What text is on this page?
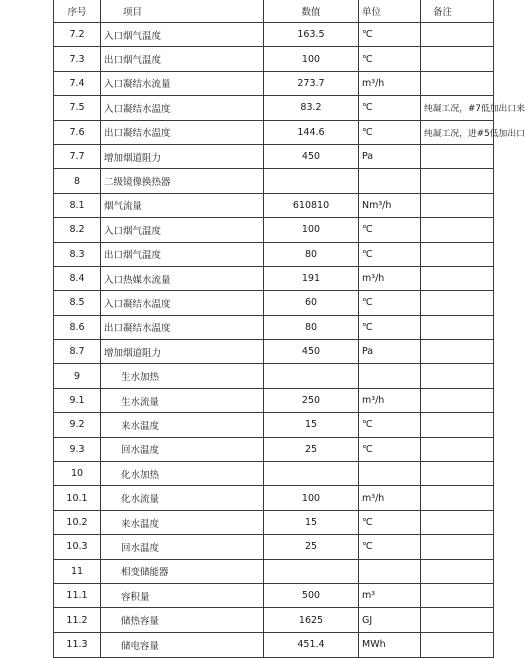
序号	项目	数值	单位	备注
7.2	入口烟气温度	163.5	℃	
7.3	出口烟气温度	100	℃	
7.4	入口凝结水流量	273.7	m³/h	
7.5	入口凝结水温度	83.2	℃	纯凝工况，#7低加出口来
7.6	出口凝结水温度	144.6	℃	纯凝工况，进#5低加出口
7.7	增加烟道阻力	450	Pa	
8	二级镜像换热器			
8.1	烟气流量	610810	Nm³/h	
8.2	入口烟气温度	100	℃	
8.3	出口烟气温度	80	℃	
8.4	入口热媒水流量	191	m³/h	
8.5	入口凝结水温度	60	℃	
8.6	出口凝结水温度	80	℃	
8.7	增加烟道阻力	450	Pa	
9	生水加热			
9.1	生水流量	250	m³/h	
9.2	来水温度	15	℃	
9.3	回水温度	25	℃	
10	化水加热			
10.1	化水流量	100	m³/h	
10.2	来水温度	15	℃	
10.3	回水温度	25	℃	
11	相变储能器			
11.1	容积量	500	m³	
11.2	储热容量	1625	GJ	
11.3	储电容量	451.4	MWh	
